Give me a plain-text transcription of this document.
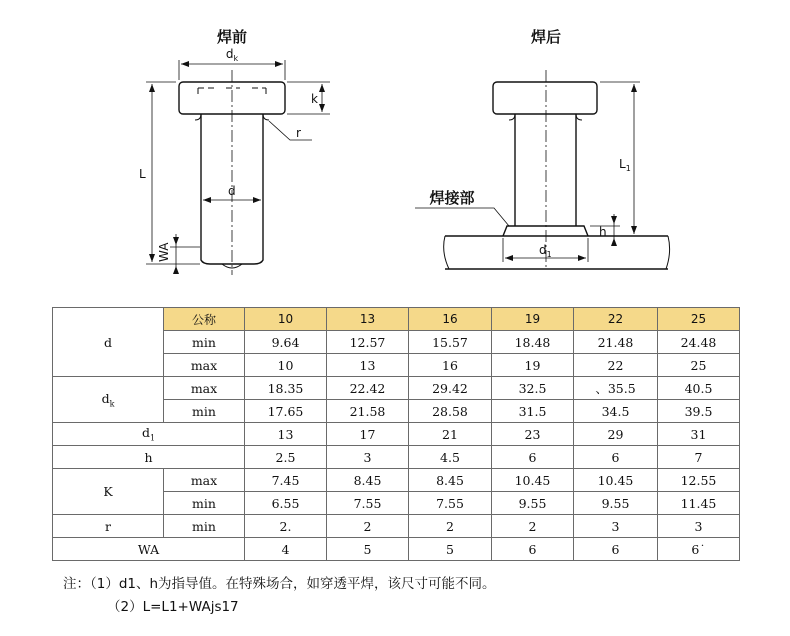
焊前
$d_k$
k
r
L
d
WA
焊后
$L_1$
焊接部
h
$d_1$
d	公称	10	13	16	19	22	25
	min	9.64	12.57	15.57	18.48	21.48	24.48
	max	10	13	16	19	22	25
$d_k$	max	18.35	22.42	29.42	32.5	、35.5	40.5
	min	17.65	21.58	28.58	31.5	34.5	39.5
$d_1$		13	17	21	23	29	31
h		2.5	3	4.5	6	6	7
K	max	7.45	8.45	8.45	10.45	10.45	12.55
	min	6.55	7.55	7.55	9.55	9.55	11.45
r	min	2.	2	2	2	3	3
WA		4	5	5	6	6	6˙
注：（1）d1、h为指导值。在特殊场合，如穿透平焊，该尺寸可能不同。
（2）L=L1+WAjs17
